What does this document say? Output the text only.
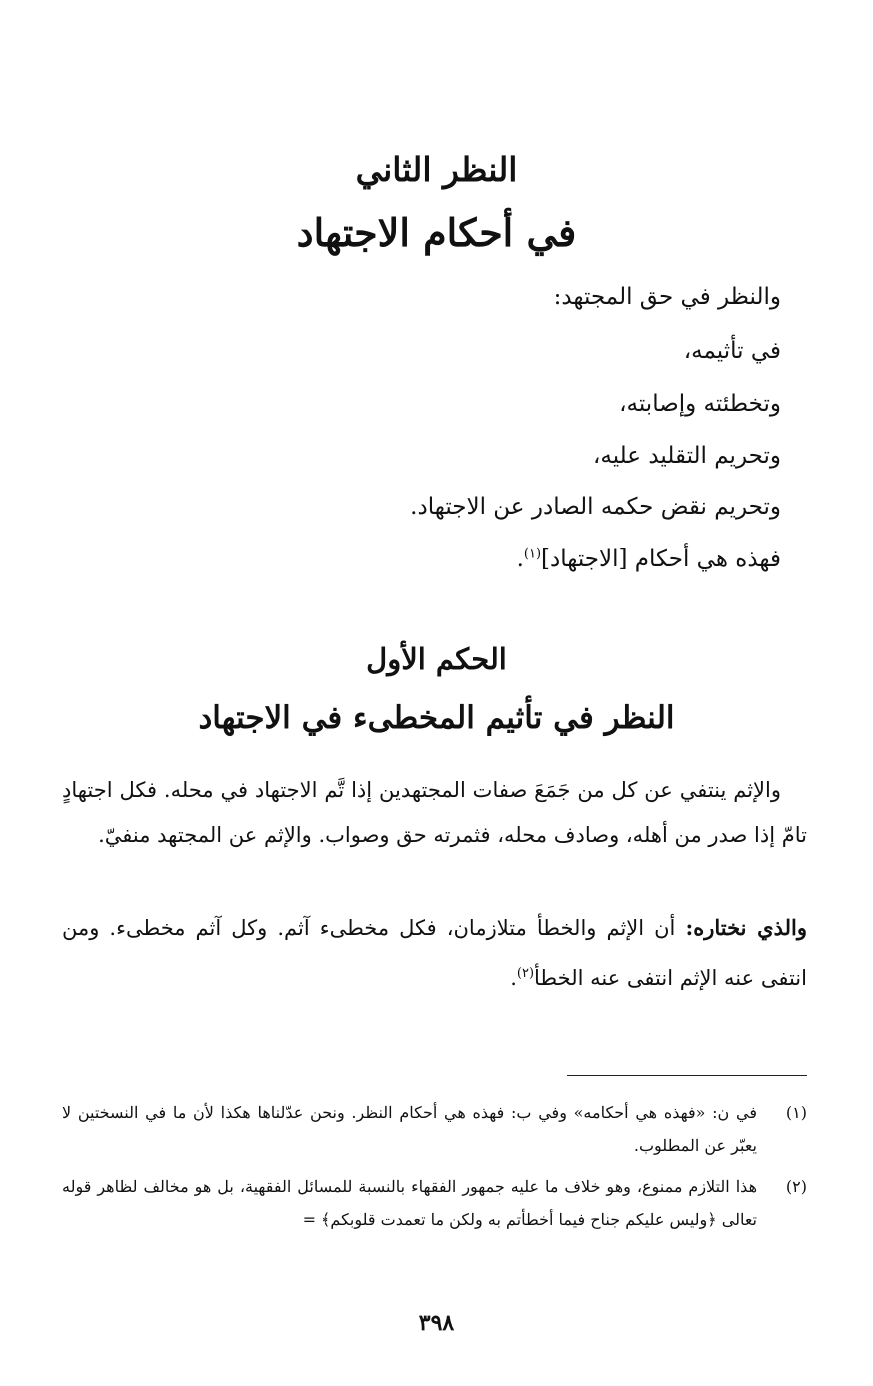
النظر الثاني
في أحكام الاجتهاد
والنظر في حق المجتهد:
في تأثيمه،
وتخطئته وإصابته،
وتحريم التقليد عليه،
وتحريم نقض حكمه الصادر عن الاجتهاد.
فهذه هي أحكام [الاجتهاد]$^{(١)}$.
الحكم الأول
النظر في تأثيم المخطىء في الاجتهاد
والإثم ينتفي عن كل من جَمَعَ صفات المجتهدين إذا تَّم الاجتهاد في محله. فكل اجتهادٍ تامّ إذا صدر من أهله، وصادف محله، فثمرته حق وصواب. والإثم عن المجتهد منفيّ.
والذي نختاره: أن الإثم والخطأ متلازمان، فكل مخطىء آثم. وكل آثم مخطىء. ومن انتفى عنه الإثم انتفى عنه الخطأ$^{(٢)}$.
(١)
في ن: «فهذه هي أحكامه» وفي ب: فهذه هي أحكام النظر. ونحن عدّلناها هكذا لأن ما في النسختين لا يعبّر عن المطلوب.
(٢)
هذا التلازم ممنوع، وهو خلاف ما عليه جمهور الفقهاء بالنسبة للمسائل الفقهية، بل هو مخالف لظاهر قوله تعالى ﴿وليس عليكم جناح فيما أخطأتم به ولكن ما تعمدت قلوبكم﴾ =
٣٩٨
